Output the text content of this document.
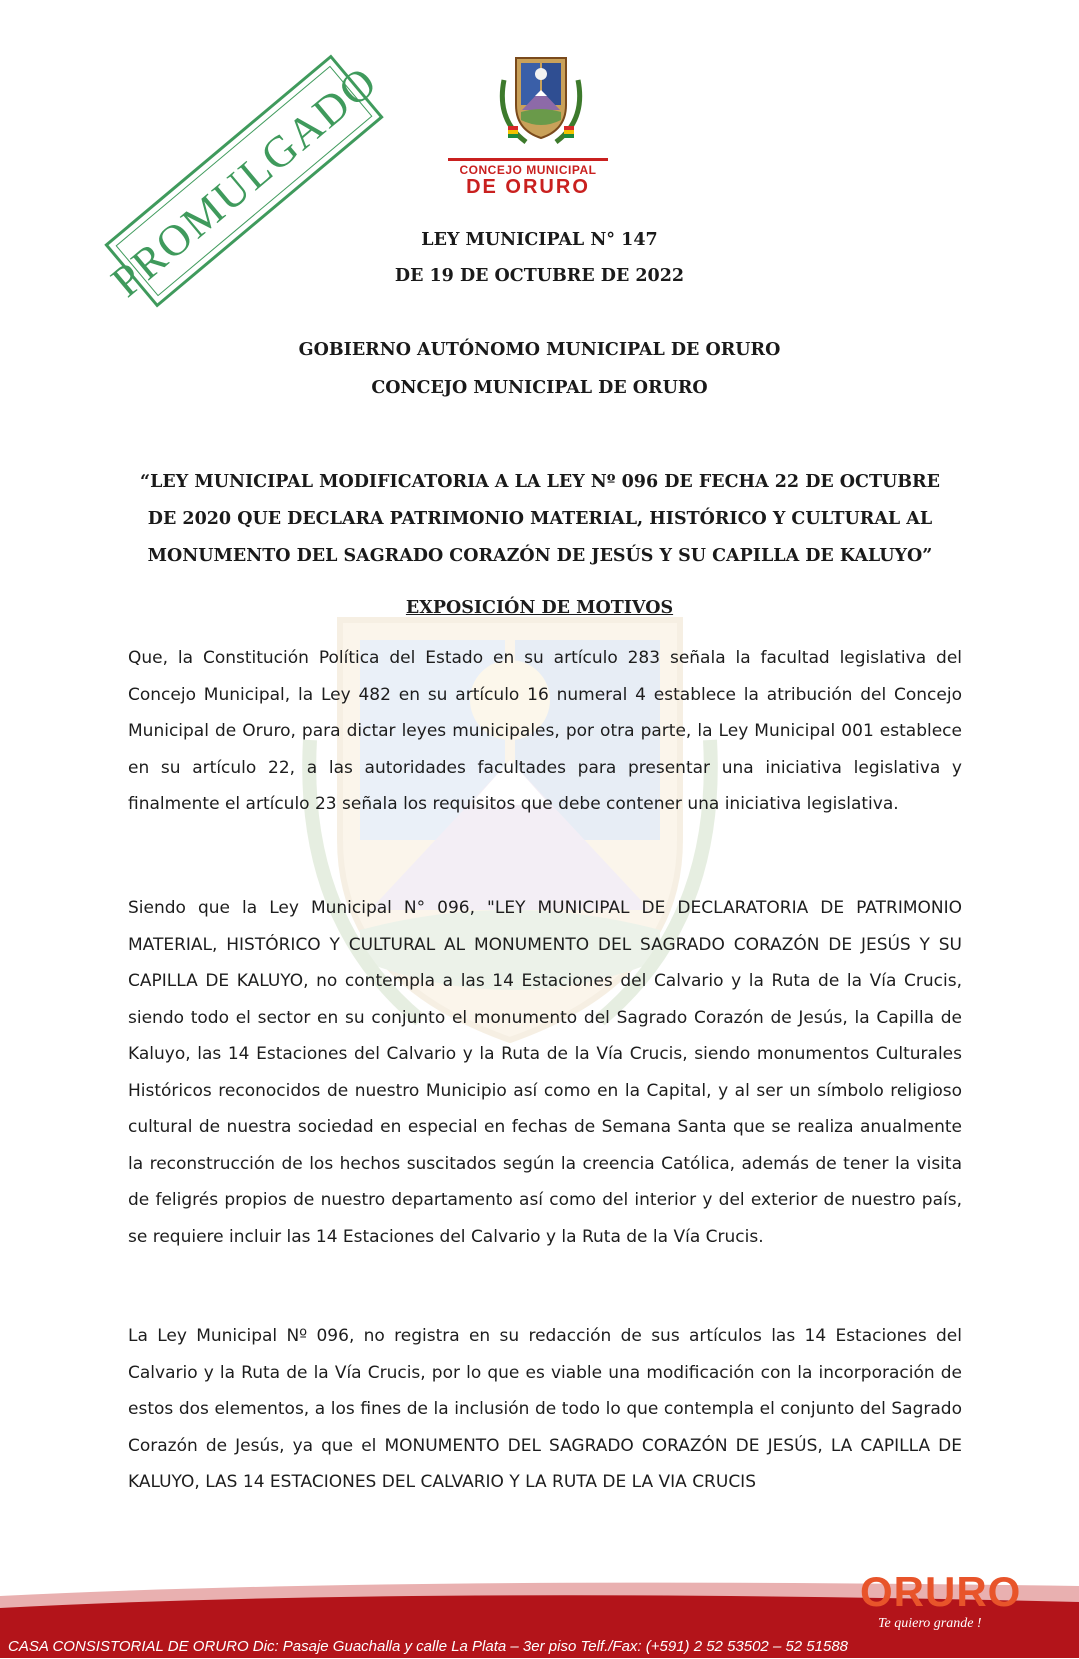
PROMULGADO	CONCEJO MUNICIPAL
DE ORURO
LEY MUNICIPAL N° 147
DE 19 DE OCTUBRE DE 2022
GOBIERNO AUTÓNOMO MUNICIPAL DE ORURO
CONCEJO MUNICIPAL DE ORURO
“LEY MUNICIPAL MODIFICATORIA A LA LEY Nº 096 DE FECHA 22 DE OCTUBRE DE 2020 QUE DECLARA PATRIMONIO MATERIAL, HISTÓRICO Y CULTURAL AL MONUMENTO DEL SAGRADO CORAZÓN DE JESÚS Y SU CAPILLA DE KALUYO”
EXPOSICIÓN DE MOTIVOS

Que, la Constitución Política del Estado en su artículo 283 señala la facultad legislativa del Concejo Municipal, la Ley 482 en su artículo 16 numeral 4 establece la atribución del Concejo Municipal de Oruro, para dictar leyes municipales, por otra parte, la Ley Municipal 001 establece en su artículo 22, a las autoridades facultades para presentar una iniciativa legislativa y finalmente el artículo 23 señala los requisitos que debe contener una iniciativa legislativa.

Siendo que la Ley Municipal N° 096, "LEY MUNICIPAL DE DECLARATORIA DE PATRIMONIO MATERIAL, HISTÓRICO Y CULTURAL AL MONUMENTO DEL SAGRADO CORAZÓN DE JESÚS Y SU CAPILLA DE KALUYO, no contempla a las 14 Estaciones del Calvario y la Ruta de la Vía Crucis, siendo todo el sector en su conjunto el monumento del Sagrado Corazón de Jesús, la Capilla de Kaluyo, las 14 Estaciones del Calvario y la Ruta de la Vía Crucis, siendo monumentos Culturales Históricos reconocidos de nuestro Municipio así como en la Capital, y al ser un símbolo religioso cultural de nuestra sociedad en especial en fechas de Semana Santa que se realiza anualmente la reconstrucción de los hechos suscitados según la creencia Católica, además de tener la visita de feligrés propios de nuestro departamento así como del interior y del exterior de nuestro país, se requiere incluir las 14 Estaciones del Calvario y la Ruta de la Vía Crucis.

La Ley Municipal Nº 096, no registra en su redacción de sus artículos las 14 Estaciones del Calvario y la Ruta de la Vía Crucis, por lo que es viable una modificación con la incorporación de estos dos elementos, a los fines de la inclusión de todo lo que contempla el conjunto del Sagrado Corazón de Jesús, ya que el MONUMENTO DEL SAGRADO CORAZÓN DE JESÚS, LA CAPILLA DE KALUYO, LAS 14 ESTACIONES DEL CALVARIO Y LA RUTA DE LA VIA CRUCIS

ORURO
Te quiero grande !
CASA CONSISTORIAL DE ORURO Dic: Pasaje Guachalla y calle La Plata – 3er piso Telf./Fax: (+591) 2 52 53502 – 52 51588
